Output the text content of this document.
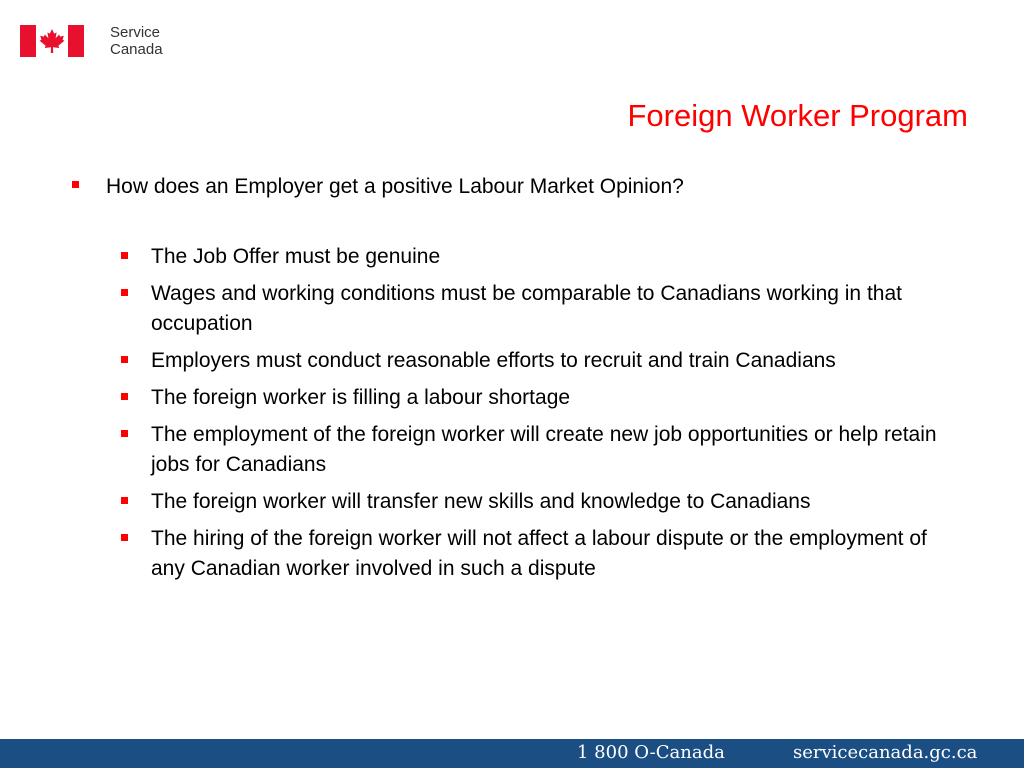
Service
Canada
Foreign Worker Program
How does an Employer get a positive Labour Market Opinion?
The Job Offer must be genuine
Wages and working conditions must be comparable to Canadians working in that occupation
Employers must conduct reasonable efforts to recruit and train Canadians
The foreign worker is filling a labour shortage
The employment of the foreign worker will create new job opportunities or help retain jobs for Canadians
The foreign worker will transfer new skills and knowledge to Canadians
The hiring of the foreign worker will not affect a labour dispute or the employment of any Canadian worker involved in such a dispute
1 800 O-Canada	servicecanada.gc.ca
